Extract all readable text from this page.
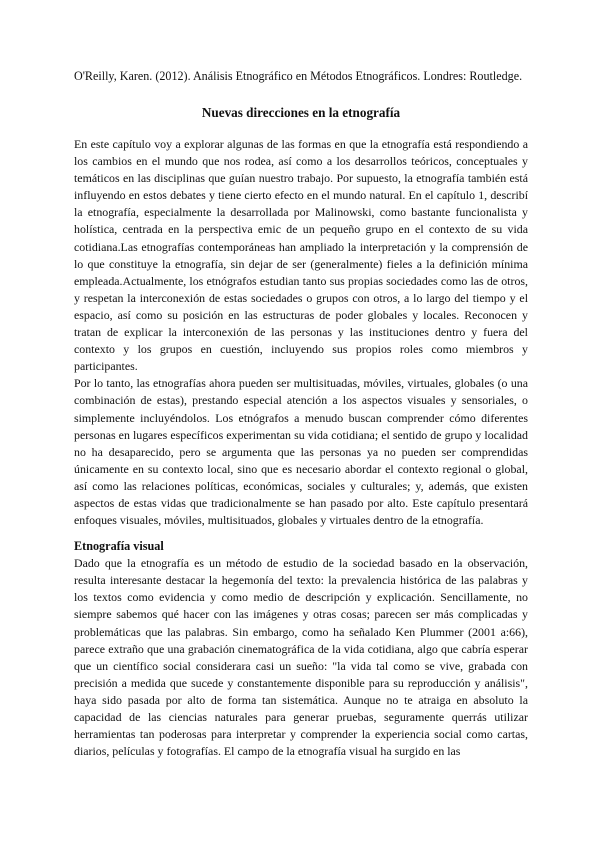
O'Reilly, Karen. (2012). Análisis Etnográfico en Métodos Etnográficos. Londres: Routledge.

Nuevas direcciones en la etnografía

En este capítulo voy a explorar algunas de las formas en que la etnografía está respondiendo a los cambios en el mundo que nos rodea, así como a los desarrollos teóricos, conceptuales y temáticos en las disciplinas que guían nuestro trabajo. Por supuesto, la etnografía también está influyendo en estos debates y tiene cierto efecto en el mundo natural. En el capítulo 1, describí la etnografía, especialmente la desarrollada por Malinowski, como bastante funcionalista y holística, centrada en la perspectiva emic de un pequeño grupo en el contexto de su vida cotidiana.Las etnografías contemporáneas han ampliado la interpretación y la comprensión de lo que constituye la etnografía, sin dejar de ser (generalmente) fieles a la definición mínima empleada.Actualmente, los etnógrafos estudian tanto sus propias sociedades como las de otros, y respetan la interconexión de estas sociedades o grupos con otros, a lo largo del tiempo y el espacio, así como su posición en las estructuras de poder globales y locales. Reconocen y tratan de explicar la interconexión de las personas y las instituciones dentro y fuera del contexto y los grupos en cuestión, incluyendo sus propios roles como miembros y participantes.

Por lo tanto, las etnografías ahora pueden ser multisituadas, móviles, virtuales, globales (o una combinación de estas), prestando especial atención a los aspectos visuales y sensoriales, o simplemente incluyéndolos. Los etnógrafos a menudo buscan comprender cómo diferentes personas en lugares específicos experimentan su vida cotidiana; el sentido de grupo y localidad no ha desaparecido, pero se argumenta que las personas ya no pueden ser comprendidas únicamente en su contexto local, sino que es necesario abordar el contexto regional o global, así como las relaciones políticas, económicas, sociales y culturales; y, además, que existen aspectos de estas vidas que tradicionalmente se han pasado por alto. Este capítulo presentará enfoques visuales, móviles, multisituados, globales y virtuales dentro de la etnografía.

Etnografía visual

Dado que la etnografía es un método de estudio de la sociedad basado en la observación, resulta interesante destacar la hegemonía del texto: la prevalencia histórica de las palabras y los textos como evidencia y como medio de descripción y explicación. Sencillamente, no siempre sabemos qué hacer con las imágenes y otras cosas; parecen ser más complicadas y problemáticas que las palabras. Sin embargo, como ha señalado Ken Plummer (2001 a:66), parece extraño que una grabación cinematográfica de la vida cotidiana, algo que cabría esperar que un científico social considerara casi un sueño: "la vida tal como se vive, grabada con precisión a medida que sucede y constantemente disponible para su reproducción y análisis", haya sido pasada por alto de forma tan sistemática. Aunque no te atraiga en absoluto la capacidad de las ciencias naturales para generar pruebas, seguramente querrás utilizar herramientas tan poderosas para interpretar y comprender la experiencia social como cartas, diarios, películas y fotografías. El campo de la etnografía visual ha surgido en las
